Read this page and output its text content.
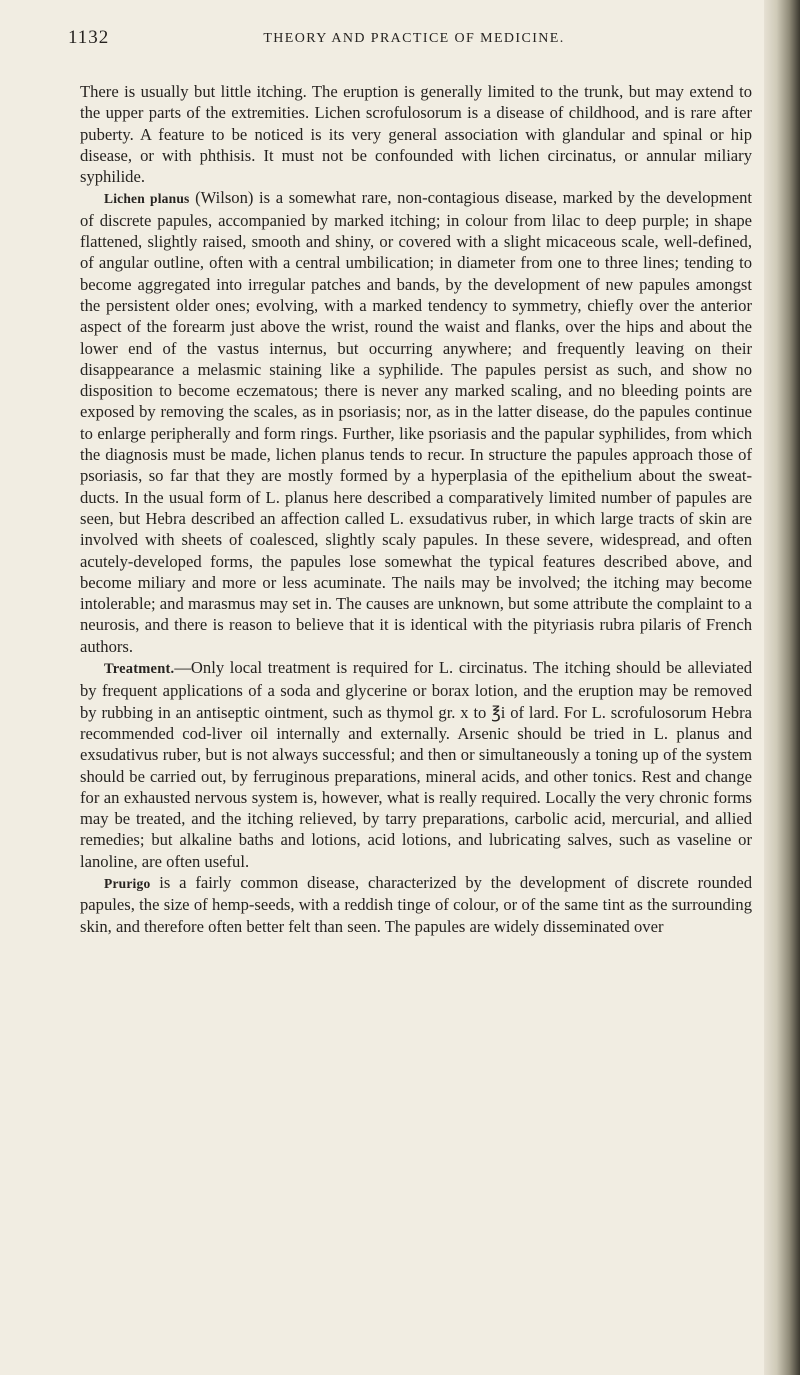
1132	THEORY AND PRACTICE OF MEDICINE.

There is usually but little itching. The eruption is generally limited to the trunk, but may extend to the upper parts of the extremities. Lichen scrofulosorum is a disease of childhood, and is rare after puberty. A feature to be noticed is its very general association with glandular and spinal or hip disease, or with phthisis. It must not be confounded with lichen circinatus, or annular miliary syphilide.

Lichen planus (Wilson) is a somewhat rare, non-contagious disease, marked by the development of discrete papules, accompanied by marked itching; in colour from lilac to deep purple; in shape flattened, slightly raised, smooth and shiny, or covered with a slight micaceous scale, well-defined, of angular outline, often with a central umbilication; in diameter from one to three lines; tending to become aggregated into irregular patches and bands, by the development of new papules amongst the persistent older ones; evolving, with a marked tendency to symmetry, chiefly over the anterior aspect of the forearm just above the wrist, round the waist and flanks, over the hips and about the lower end of the vastus internus, but occurring anywhere; and frequently leaving on their disappearance a melasmic staining like a syphilide. The papules persist as such, and show no disposition to become eczematous; there is never any marked scaling, and no bleeding points are exposed by removing the scales, as in psoriasis; nor, as in the latter disease, do the papules continue to enlarge peripherally and form rings. Further, like psoriasis and the papular syphilides, from which the diagnosis must be made, lichen planus tends to recur. In structure the papules approach those of psoriasis, so far that they are mostly formed by a hyperplasia of the epithelium about the sweat-ducts. In the usual form of L. planus here described a comparatively limited number of papules are seen, but Hebra described an affection called L. exsudativus ruber, in which large tracts of skin are involved with sheets of coalesced, slightly scaly papules. In these severe, widespread, and often acutely-developed forms, the papules lose somewhat the typical features described above, and become miliary and more or less acuminate. The nails may be involved; the itching may become intolerable; and marasmus may set in. The causes are unknown, but some attribute the complaint to a neurosis, and there is reason to believe that it is identical with the pityriasis rubra pilaris of French authors.

Treatment.—Only local treatment is required for L. circinatus. The itching should be alleviated by frequent applications of a soda and glycerine or borax lotion, and the eruption may be removed by rubbing in an antiseptic ointment, such as thymol gr. x to ℥i of lard. For L. scrofulosorum Hebra recommended cod-liver oil internally and externally. Arsenic should be tried in L. planus and exsudativus ruber, but is not always successful; and then or simultaneously a toning up of the system should be carried out, by ferruginous preparations, mineral acids, and other tonics. Rest and change for an exhausted nervous system is, however, what is really required. Locally the very chronic forms may be treated, and the itching relieved, by tarry preparations, carbolic acid, mercurial, and allied remedies; but alkaline baths and lotions, acid lotions, and lubricating salves, such as vaseline or lanoline, are often useful.

Prurigo is a fairly common disease, characterized by the development of discrete rounded papules, the size of hemp-seeds, with a reddish tinge of colour, or of the same tint as the surrounding skin, and therefore often better felt than seen. The papules are widely disseminated over
